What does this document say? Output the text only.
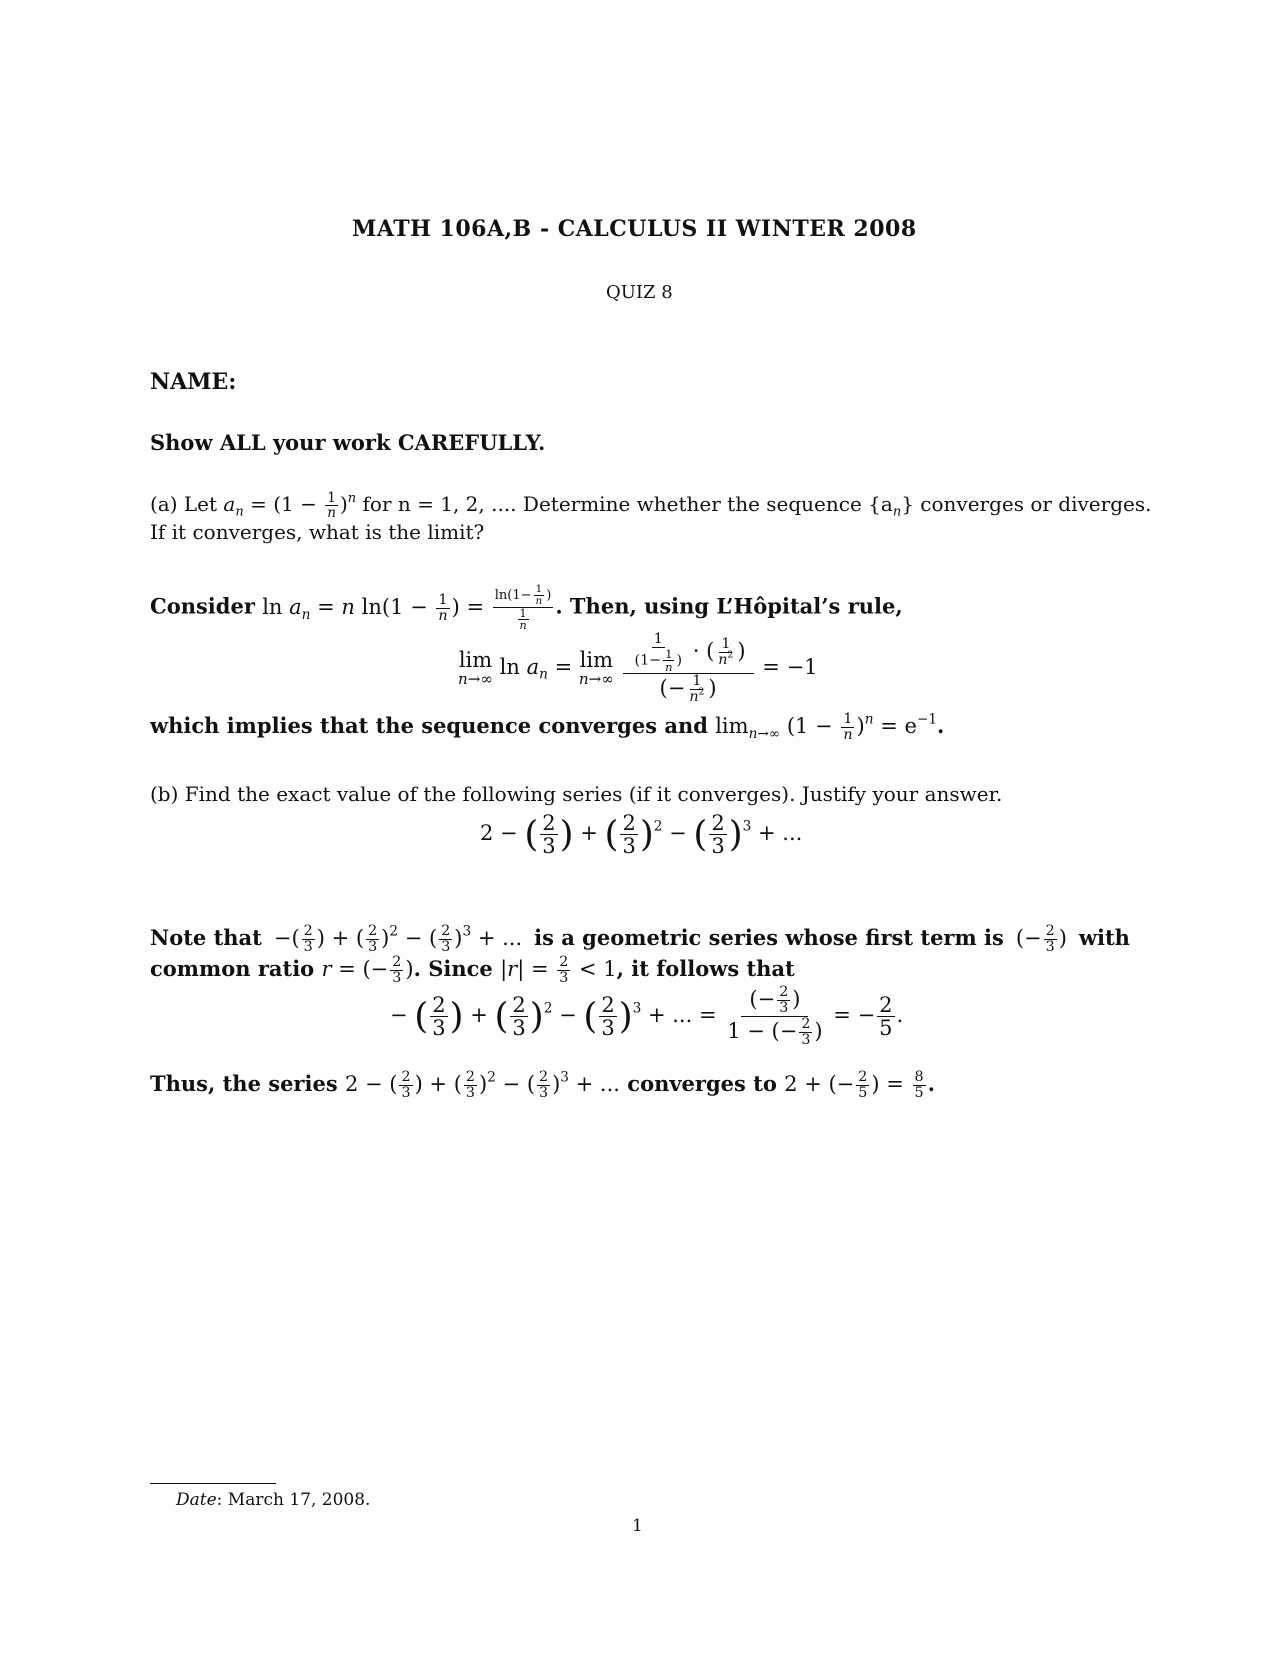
MATH 106A,B - CALCULUS II WINTER 2008
QUIZ 8
NAME:
Show ALL your work CAREFULLY.
(a) Let $a_n = (1 - \frac{1}{n} )^n$ for n = 1, 2, .... Determine whether the sequence $\{a_n\}$ converges or diverges.
If it converges, what is the limit?
Consider $\ln a_n = n$ $\ln(1 - \frac{1}{n}$ ) = $\frac{\ln(1- \frac{1}{n} )}{\frac{1}{n}}$ . Then, using L’Hôpital’s rule,
lim
n→∞
$\ln a_n = \lim$
n→∞
$\frac{\frac{1}{(1- \frac{1}{n} )} \cdot ( \frac{1}{n^2} )}{(- \frac{1}{n^2} )} = -1$
which implies that the sequence converges and $\lim_{n\to\infty} (1 - \frac{1}{n} )^n = e^{-1}$.
(b) Find the exact value of the following series (if it converges). Justify your answer.
2 − ( $\frac{2}{3}$ ) + ( $\frac{2}{3} )^2$ − ( $\frac{2}{3} )^3$ + ...
Note that −( $\frac{2}{3}$ ) + ( $\frac{2}{3} )^2$ − ( $\frac{2}{3} )^3$ + ... is a geometric series whose first term is (− $\frac{2}{3}$ ) with
common ratio r = (− $\frac{2}{3}$ ). Since $|r| = \frac{2}{3} < 1$, it follows that
− ( $\frac{2}{3}$ ) + ( $\frac{2}{3} )^2$ − ( $\frac{2}{3} )^3$ + ... = $\frac{(- \frac{2}{3} )}{1 - (- \frac{2}{3} )}$ = − $\frac{2}{5}$ .
Thus, the series 2 − ( $\frac{2}{3}$ ) + ( $\frac{2}{3} )^2$ − ( $\frac{2}{3} )^3$ + ... converges to 2 + (− $\frac{2}{5}$ ) = $\frac{8}{5}$ .
Date: March 17, 2008.
1
